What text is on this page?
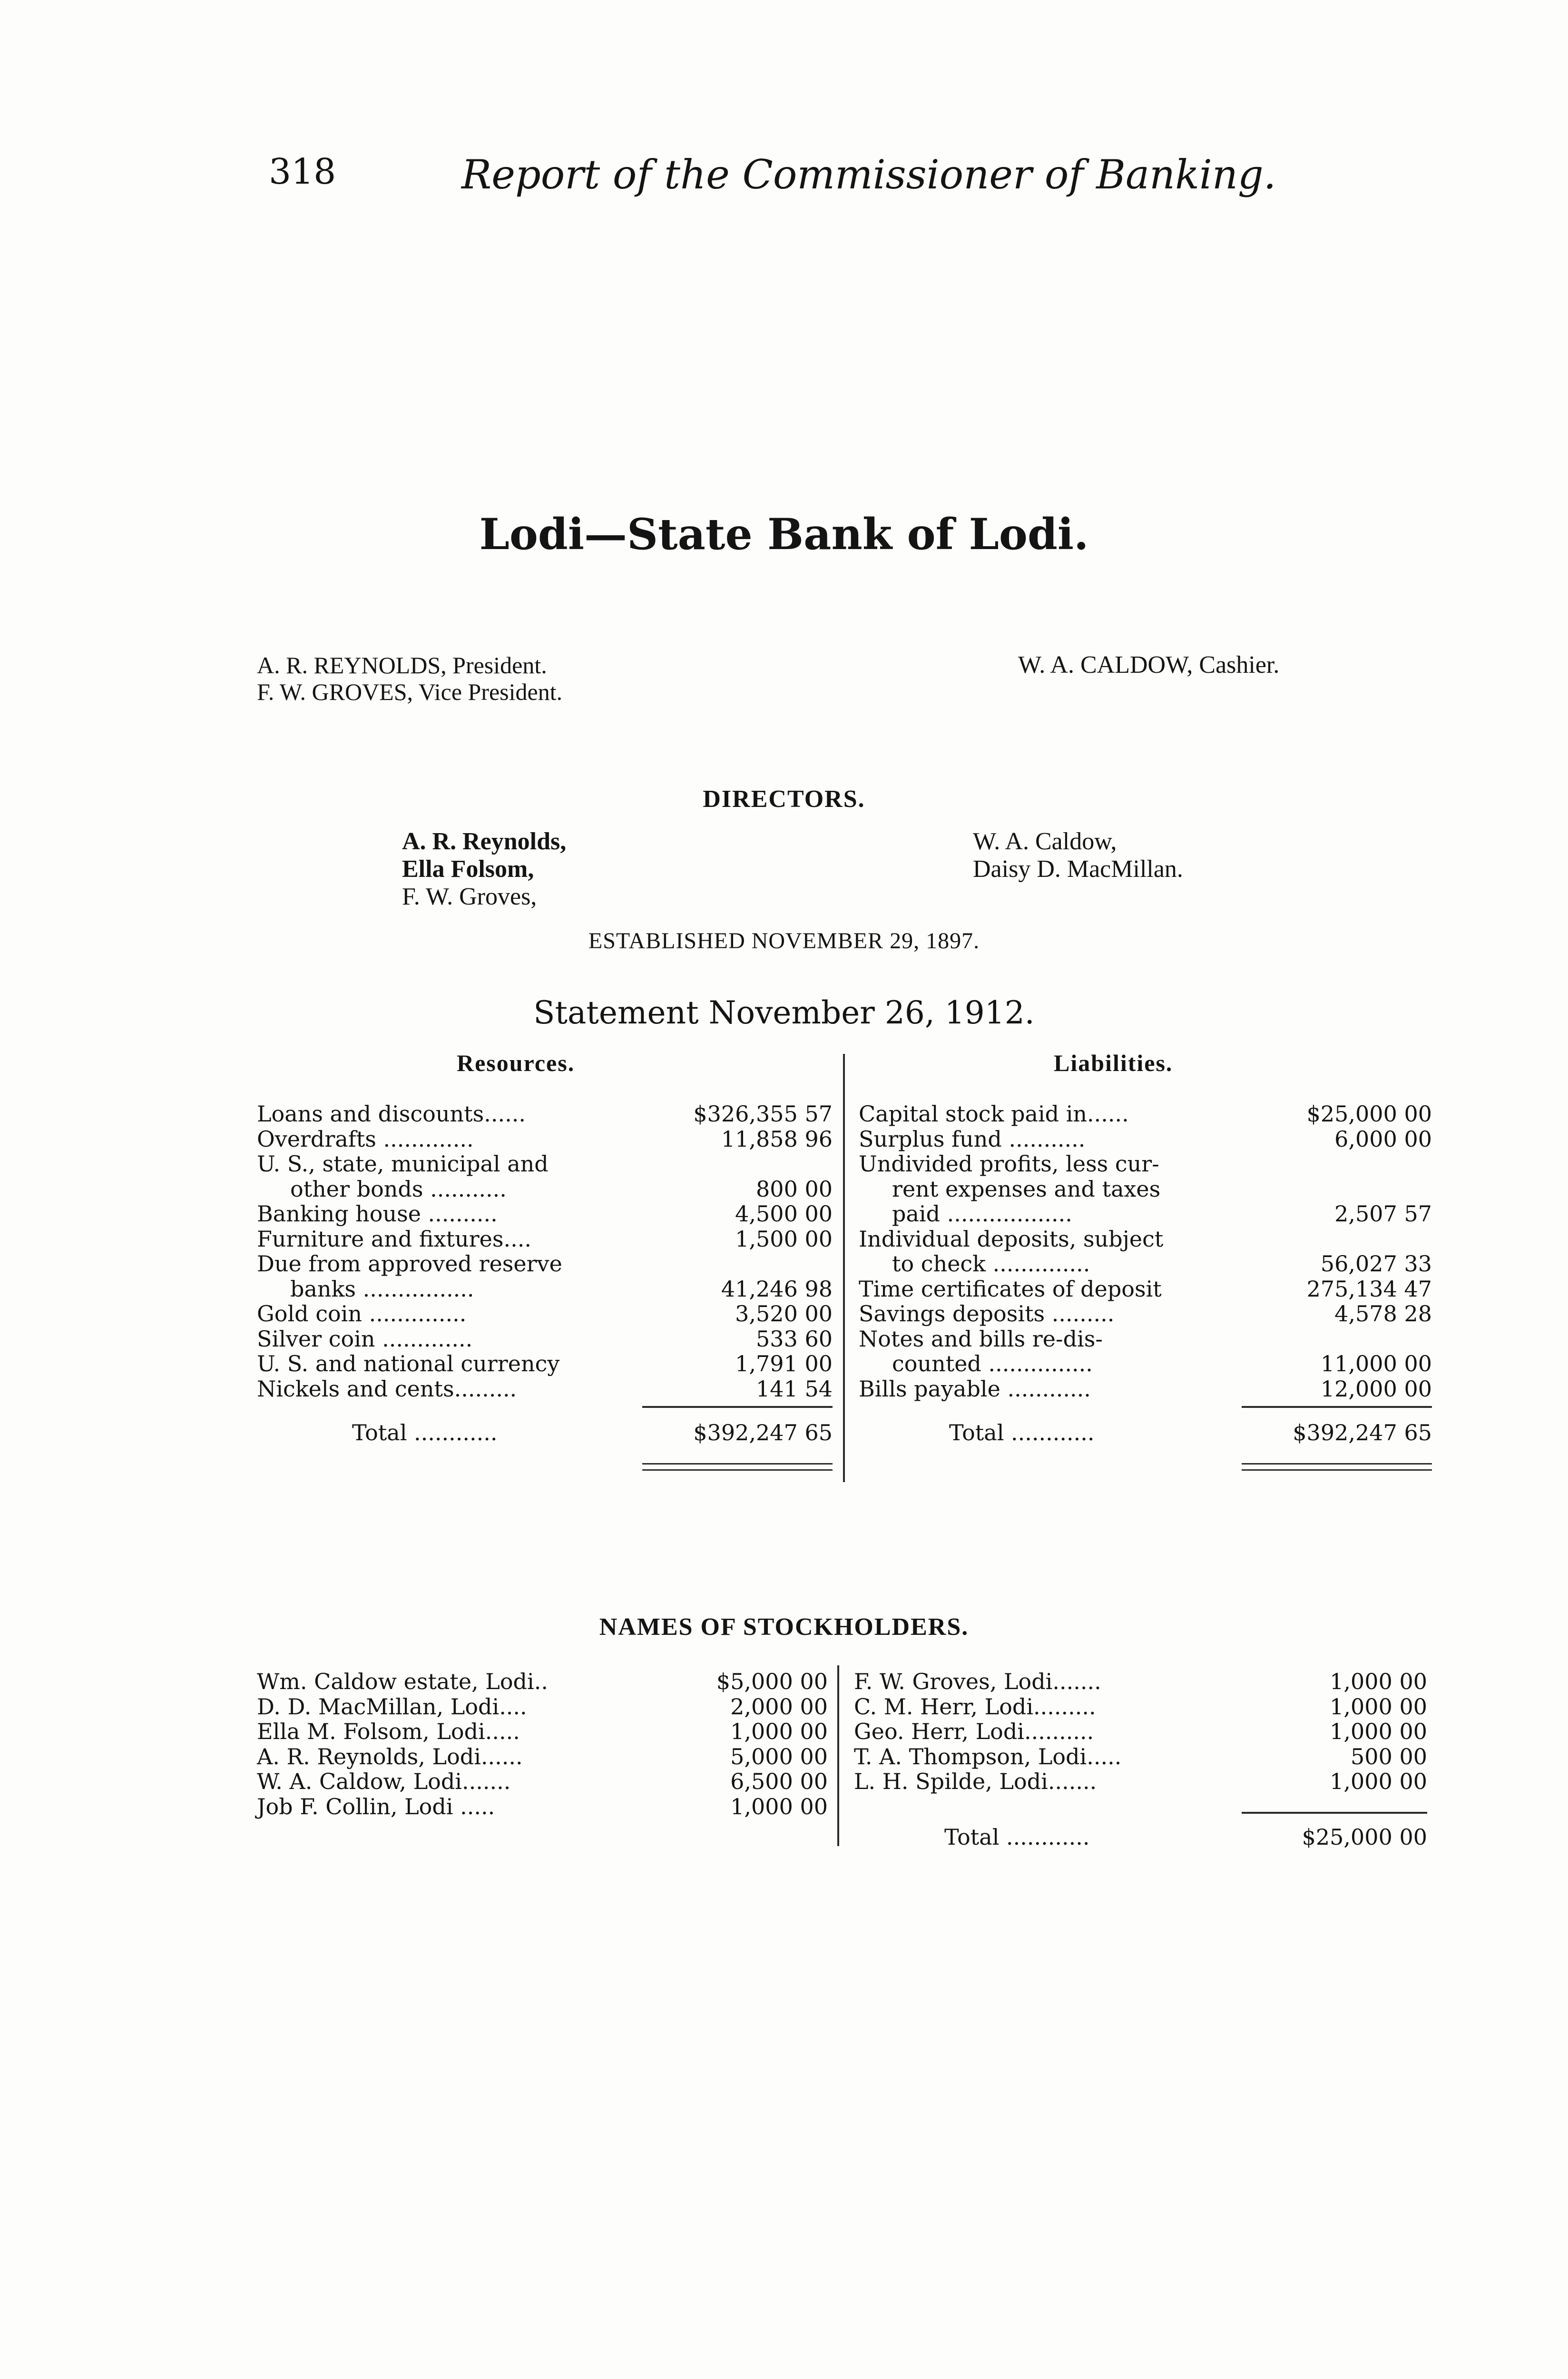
318	Report of the Commissioner of Banking.
Lodi—State Bank of Lodi.
A. R. REYNOLDS, President.
F. W. GROVES, Vice President.
W. A. CALDOW, Cashier.
DIRECTORS.
A. R. Reynolds,
Ella Folsom,
F. W. Groves,
W. A. Caldow,
Daisy D. MacMillan.
ESTABLISHED NOVEMBER 29, 1897.
Statement November 26, 1912.
Resources.	Liabilities.
Loans and discounts......	$326,355 57
Overdrafts .............	11,858 96
U. S., state, municipal and
other bonds ...........	800 00
Banking house ..........	4,500 00
Furniture and fixtures....	1,500 00
Due from approved reserve
banks ................	41,246 98
Gold coin ..............	3,520 00
Silver coin .............	533 60
U. S. and national currency	1,791 00
Nickels and cents.........	141 54
Total ............	$392,247 65
Capital stock paid in......	$25,000 00
Surplus fund ...........	6,000 00
Undivided profits, less cur-
rent expenses and taxes
paid ..................	2,507 57
Individual deposits, subject
to check ..............	56,027 33
Time certificates of deposit	275,134 47
Savings deposits .........	4,578 28
Notes and bills re-dis-
counted ...............	11,000 00
Bills payable ............	12,000 00
Total ............	$392,247 65
NAMES OF STOCKHOLDERS.
Wm. Caldow estate, Lodi..	$5,000 00
D. D. MacMillan, Lodi....	2,000 00
Ella M. Folsom, Lodi.....	1,000 00
A. R. Reynolds, Lodi......	5,000 00
W. A. Caldow, Lodi.......	6,500 00
Job F. Collin, Lodi .....	1,000 00
F. W. Groves, Lodi.......	1,000 00
C. M. Herr, Lodi.........	1,000 00
Geo. Herr, Lodi..........	1,000 00
T. A. Thompson, Lodi.....	500 00
L. H. Spilde, Lodi.......	1,000 00
Total ............	$25,000 00
